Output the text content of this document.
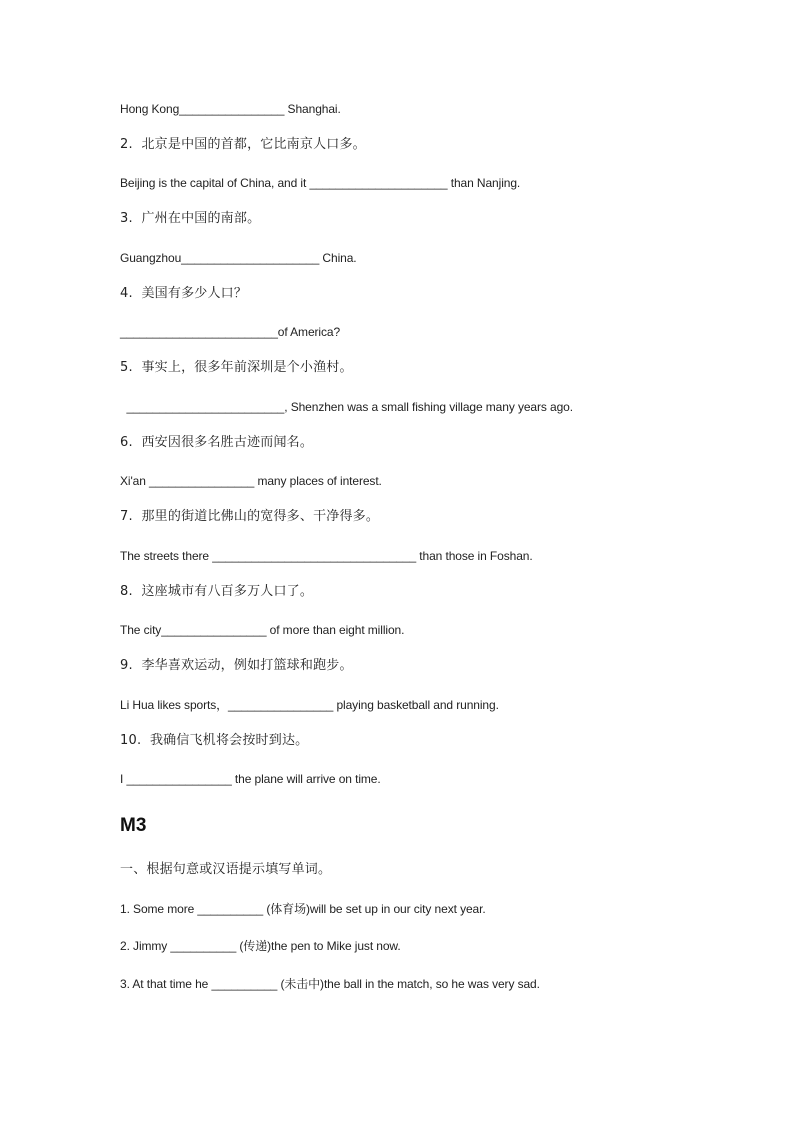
Hong Kong________________ Shanghai.
2.  北京是中国的首都，它比南京人口多。
Beijing is the capital of China, and it _____________________ than Nanjing.
3.  广州在中国的南部。
Guangzhou_____________________ China.
4.  美国有多少人口？
________________________of America?
5.  事实上，很多年前深圳是个小渔村。
________________________, Shenzhen was a small fishing village many years ago.
6.  西安因很多名胜古迹而闻名。
Xi'an ________________ many places of interest.
7.  那里的街道比佛山的宽得多、干净得多。
The streets there _______________________________ than those in Foshan.
8.  这座城市有八百多万人口了。
The city________________ of more than eight million.
9.  李华喜欢运动，例如打篮球和跑步。
Li Hua likes sports，________________ playing basketball and running.
10.  我确信飞机将会按时到达。
I ________________ the plane will arrive on time.
M3
一、根据句意或汉语提示填写单词。
1. Some more __________ (体育场)will be set up in our city next year.
2. Jimmy __________ (传递)the pen to Mike just now.
3. At that time he __________ (未击中)the ball in the match, so he was very sad.
